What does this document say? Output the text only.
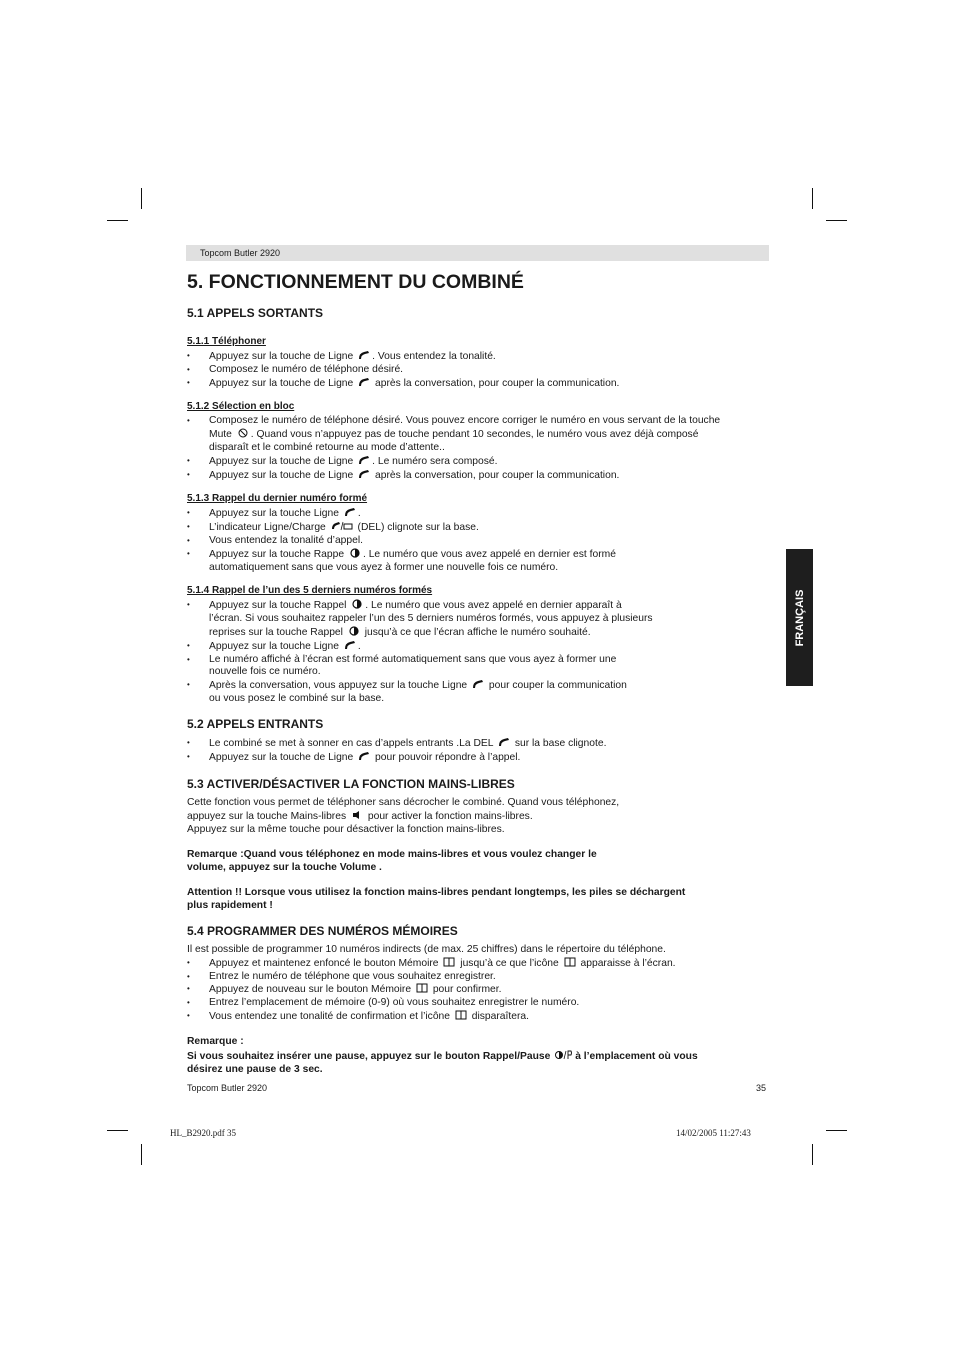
Topcom Butler 2920
5. FONCTIONNEMENT DU COMBINÉ
5.1 APPELS SORTANTS
5.1.1 Téléphoner
• Appuyez sur la touche de Ligne . Vous entendez la tonalité.
• Composez le numéro de téléphone désiré.
• Appuyez sur la touche de Ligne après la conversation, pour couper la communication.
5.1.2 Sélection en bloc
• Composez le numéro de téléphone désiré. Vous pouvez encore corriger le numéro en vous servant de la touche
Mute . Quand vous n’appuyez pas de touche pendant 10 secondes, le numéro vous avez déjà composé
disparaît et le combiné retourne au mode d’attente..
• Appuyez sur la touche de Ligne . Le numéro sera composé.
• Appuyez sur la touche de Ligne après la conversation, pour couper la communication.
5.1.3 Rappel du dernier numéro formé
• Appuyez sur la touche Ligne .
• L’indicateur Ligne/Charge	(DEL) clignote sur la base.
• Vous entendez la tonalité d’appel.
• Appuyez sur la touche Rappe . Le numéro que vous avez appelé en dernier est formé
automatiquement sans que vous ayez à former une nouvelle fois ce numéro.
5.1.4 Rappel de l’un des 5 derniers numéros formés
• Appuyez sur la touche Rappel . Le numéro que vous avez appelé en dernier apparaît à
l’écran. Si vous souhaitez rappeler l’un des 5 derniers numéros formés, vous appuyez à plusieurs
reprises sur la touche Rappel jusqu’à ce que l’écran affiche le numéro souhaité.
• Appuyez sur la touche Ligne .
• Le numéro affiché à l’écran est formé automatiquement sans que vous ayez à former une
nouvelle fois ce numéro.
• Après la conversation, vous appuyez sur la touche Ligne pour couper la communication
ou vous posez le combiné sur la base.
5.2 APPELS ENTRANTS
• Le combiné se met à sonner en cas d’appels entrants .La DEL sur la base clignote.
• Appuyez sur la touche de Ligne pour pouvoir répondre à l’appel.
5.3 ACTIVER/DÉSACTIVER LA FONCTION MAINS-LIBRES

Cette fonction vous permet de téléphoner sans décrocher le combiné. Quand vous téléphonez,
appuyez sur la touche Mains-libres pour activer la fonction mains-libres.
Appuyez sur la même touche pour désactiver la fonction mains-libres.

Remarque :Quand vous téléphonez en mode mains-libres et vous voulez changer le
volume, appuyez sur la touche Volume .

Attention !! Lorsque vous utilisez la fonction mains-libres pendant longtemps, les piles se déchargent
plus rapidement !

5.4 PROGRAMMER DES NUMÉROS MÉMOIRES

Il est possible de programmer 10 numéros indirects (de max. 25 chiffres) dans le répertoire du téléphone.

• Appuyez et maintenez enfoncé le bouton Mémoire jusqu’à ce que l’icône apparaisse à l’écran.
• Entrez le numéro de téléphone que vous souhaitez enregistrer.
• Appuyez de nouveau sur le bouton Mémoire pour confirmer.
• Entrez l’emplacement de mémoire (0-9) où vous souhaitez enregistrer le numéro.
• Vous entendez une tonalité de confirmation et l’icône disparaîtera.

Remarque :

Si vous souhaitez insérer une pause, appuyez sur le bouton Rappel/Pause à l’emplacement où vous
désirez une pause de 3 sec.

FRANÇAIS
Topcom Butler 2920	35
HL_B2920.pdf 35	14/02/2005 11:27:43
